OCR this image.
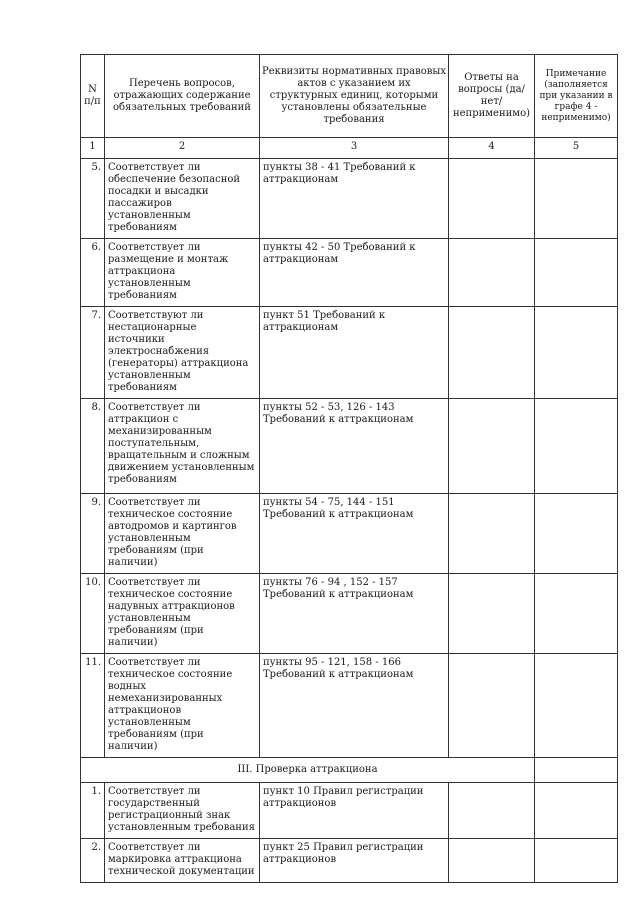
N п/п	Перечень вопросов, отражающих содержание обязательных требований	Реквизиты нормативных правовых актов с указанием их структурных единиц, которыми установлены обязательные требования	Ответы на вопросы (да/нет/ неприменимо)	Примечание (заполняется при указании в графе 4 - неприменимо)
1	2	3	4	5
5.	Соответствует ли обеспечение безопасной посадки и высадки пассажиров установленным требованиям	пункты 38 - 41 Требований к аттракционам		
6.	Соответствует ли размещение и монтаж аттракциона установленным требованиям	пункты 42 - 50 Требований к аттракционам		
7.	Соответствуют ли нестационарные источники электроснабжения (генераторы) аттракциона установленным требованиям	пункт 51 Требований к аттракционам		
8.	Соответствует ли аттракцион с механизированным поступательным, вращательным и сложным движением установленным требованиям	пункты 52 - 53, 126 - 143 Требований к аттракционам		
9.	Соответствует ли техническое состояние автодромов и картингов установленным требованиям (при наличии)	пункты 54 - 75, 144 - 151 Требований к аттракционам		
10.	Соответствует ли техническое состояние надувных аттракционов установленным требованиям (при наличии)	пункты 76 - 94 , 152 - 157 Требований к аттракционам		
11.	Соответствует ли техническое состояние водных немеханизированных аттракционов установленным требованиям (при наличии)	пункты 95 - 121, 158 - 166 Требований к аттракционам		
III. Проверка аттракциона				
1.	Соответствует ли государственный регистрационный знак установленным требования	пункт 10 Правил регистрации аттракционов		
2.	Соответствует ли маркировка аттракциона технической документации	пункт 25 Правил регистрации аттракционов		
